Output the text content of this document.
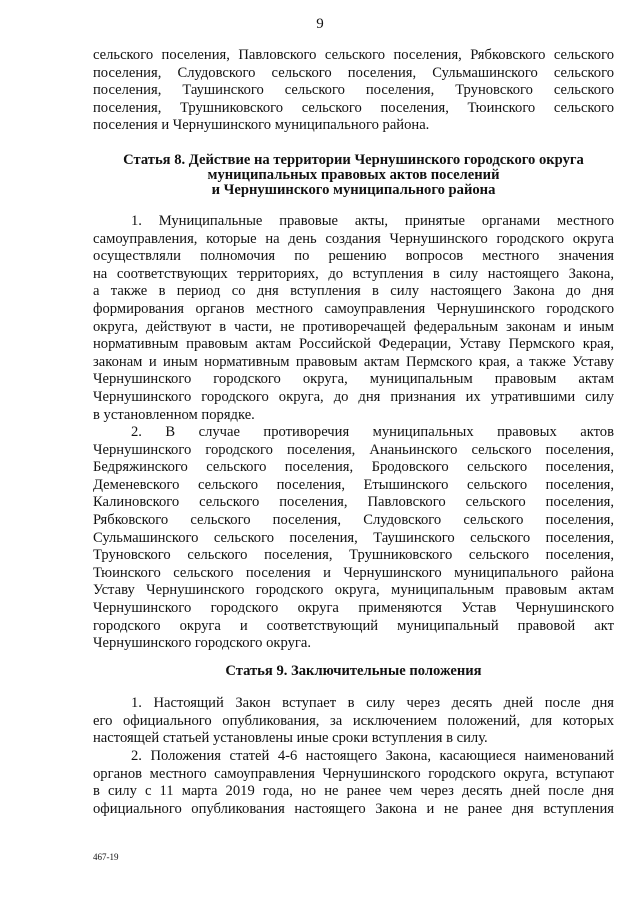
9
сельского поселения, Павловского сельского поселения, Рябковского сельского
поселения, Слудовского сельского поселения, Сульмашинского сельского
поселения, Таушинского сельского поселения, Труновского сельского
поселения, Трушниковского сельского поселения, Тюинского сельского
поселения и Чернушинского муниципального района.
Статья 8. Действие на территории Чернушинского городского округа
муниципальных правовых актов поселений
и Чернушинского муниципального района
1. Муниципальные правовые акты, принятые органами местного
самоуправления, которые на день создания Чернушинского городского округа
осуществляли полномочия по решению вопросов местного значения
на соответствующих территориях, до вступления в силу настоящего Закона,
а также в период со дня вступления в силу настоящего Закона до дня
формирования органов местного самоуправления Чернушинского городского
округа, действуют в части, не противоречащей федеральным законам и иным
нормативным правовым актам Российской Федерации, Уставу Пермского края,
законам и иным нормативным правовым актам Пермского края, а также Уставу
Чернушинского городского округа, муниципальным правовым актам
Чернушинского городского округа, до дня признания их утратившими силу
в установленном порядке.
2. В случае противоречия муниципальных правовых актов
Чернушинского городского поселения, Ананьинского сельского поселения,
Бедряжинского сельского поселения, Бродовского сельского поселения,
Деменевского сельского поселения, Етышинского сельского поселения,
Калиновского сельского поселения, Павловского сельского поселения,
Рябковского сельского поселения, Слудовского сельского поселения,
Сульмашинского сельского поселения, Таушинского сельского поселения,
Труновского сельского поселения, Трушниковского сельского поселения,
Тюинского сельского поселения и Чернушинского муниципального района
Уставу Чернушинского городского округа, муниципальным правовым актам
Чернушинского городского округа применяются Устав Чернушинского
городского округа и соответствующий муниципальный правовой акт
Чернушинского городского округа.
Статья 9. Заключительные положения
1. Настоящий Закон вступает в силу через десять дней после дня
его официального опубликования, за исключением положений, для которых
настоящей статьей установлены иные сроки вступления в силу.
2. Положения статей 4-6 настоящего Закона, касающиеся наименований
органов местного самоуправления Чернушинского городского округа, вступают
в силу с 11 марта 2019 года, но не ранее чем через десять дней после дня
официального опубликования настоящего Закона и не ранее дня вступления
467-19
